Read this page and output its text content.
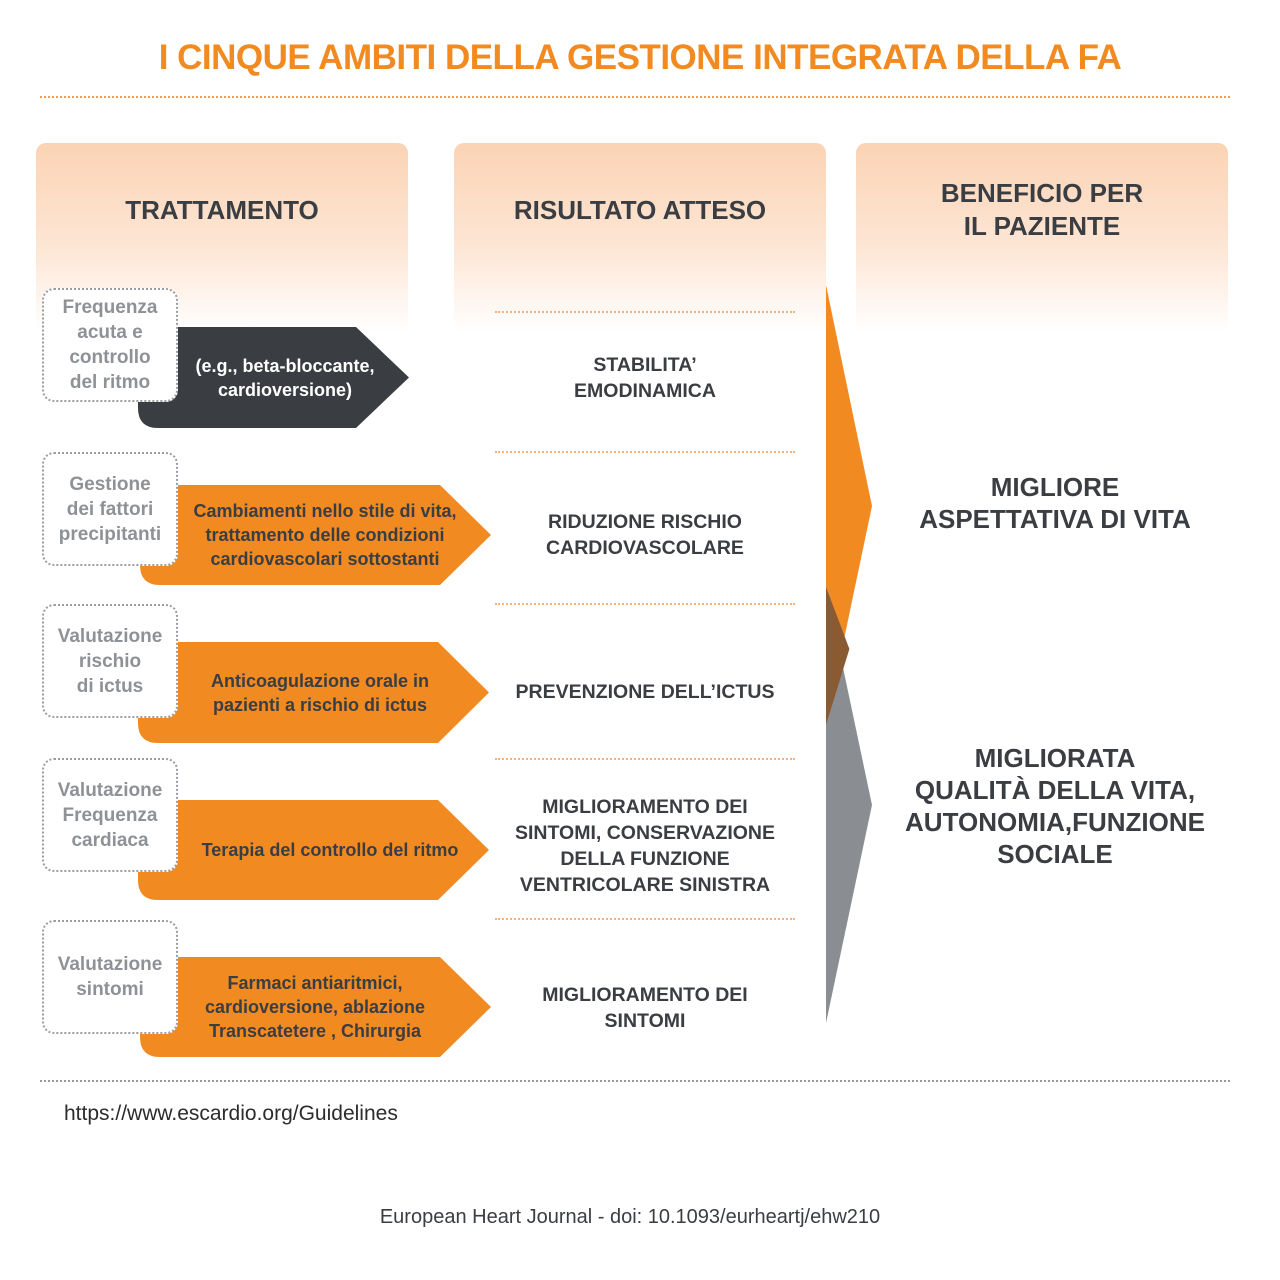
I CINQUE AMBITI DELLA GESTIONE INTEGRATA DELLA FA
TRATTAMENTO	RISULTATO ATTESO
BENEFICIO PER
IL PAZIENTE
(e.g., beta-bloccante,
cardioversione)
Frequenza
acuta e
controllo
del ritmo
STABILITA’
EMODINAMICA
Cambiamenti nello stile di vita,
trattamento delle condizioni
cardiovascolari sottostanti
Gestione
dei fattori
precipitanti
RIDUZIONE RISCHIO
CARDIOVASCOLARE
Anticoagulazione orale in
pazienti a rischio di ictus
Valutazione
rischio
di ictus	PREVENZIONE DELL’ICTUS
Terapia del controllo del ritmo
Valutazione
Frequenza
cardiaca
MIGLIORAMENTO DEI
SINTOMI, CONSERVAZIONE
DELLA FUNZIONE
VENTRICOLARE SINISTRA
Farmaci antiaritmici,
cardioversione, ablazione
Transcatetere , Chirurgia
Valutazione
sintomi	MIGLIORAMENTO DEI
SINTOMI
MIGLIORE
ASPETTATIVA DI VITA
MIGLIORATA
QUALITÀ DELLA VITA,
AUTONOMIA,FUNZIONE
SOCIALE
https://www.escardio.org/Guidelines
European Heart Journal - doi: 10.1093/eurheartj/ehw210
